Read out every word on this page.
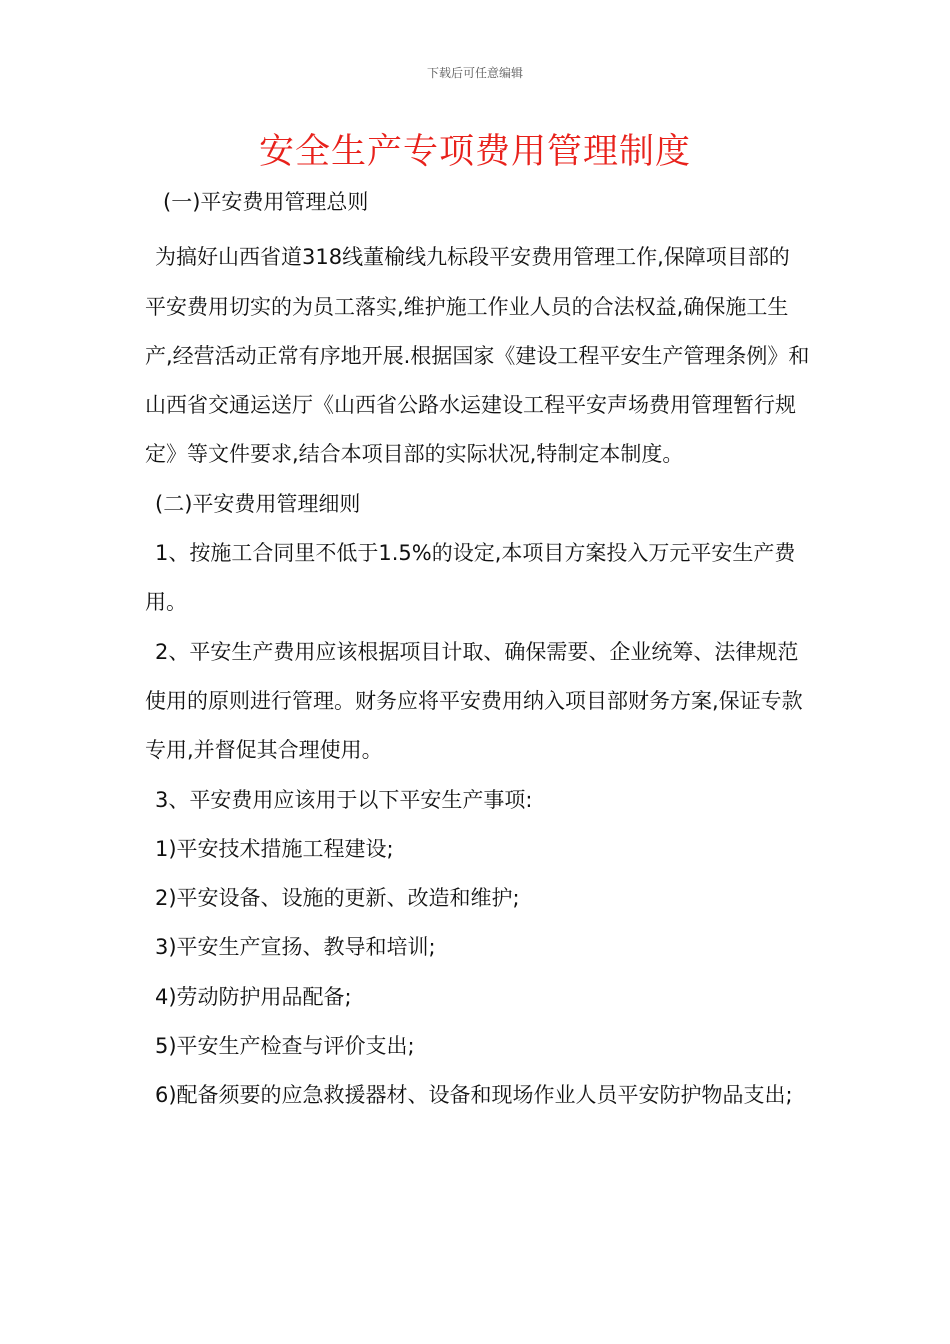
下载后可任意编辑
安全生产专项费用管理制度

(一)平安费用管理总则

为搞好山西省道318线董榆线九标段平安费用管理工作,保障项目部的平安费用切实的为员工落实,维护施工作业人员的合法权益,确保施工生产,经营活动正常有序地开展.根据国家《建设工程平安生产管理条例》和山西省交通运送厅《山西省公路水运建设工程平安声场费用管理暂行规定》等文件要求,结合本项目部的实际状况,特制定本制度。

(二)平安费用管理细则

1、按施工合同里不低于1.5%的设定,本项目方案投入万元平安生产费用。

2、平安生产费用应该根据项目计取、确保需要、企业统筹、法律规范使用的原则进行管理。财务应将平安费用纳入项目部财务方案,保证专款专用,并督促其合理使用。

3、平安费用应该用于以下平安生产事项:

1)平安技术措施工程建设;

2)平安设备、设施的更新、改造和维护;

3)平安生产宣扬、教导和培训;

4)劳动防护用品配备;

5)平安生产检查与评价支出;

6)配备须要的应急救援器材、设备和现场作业人员平安防护物品支出;
